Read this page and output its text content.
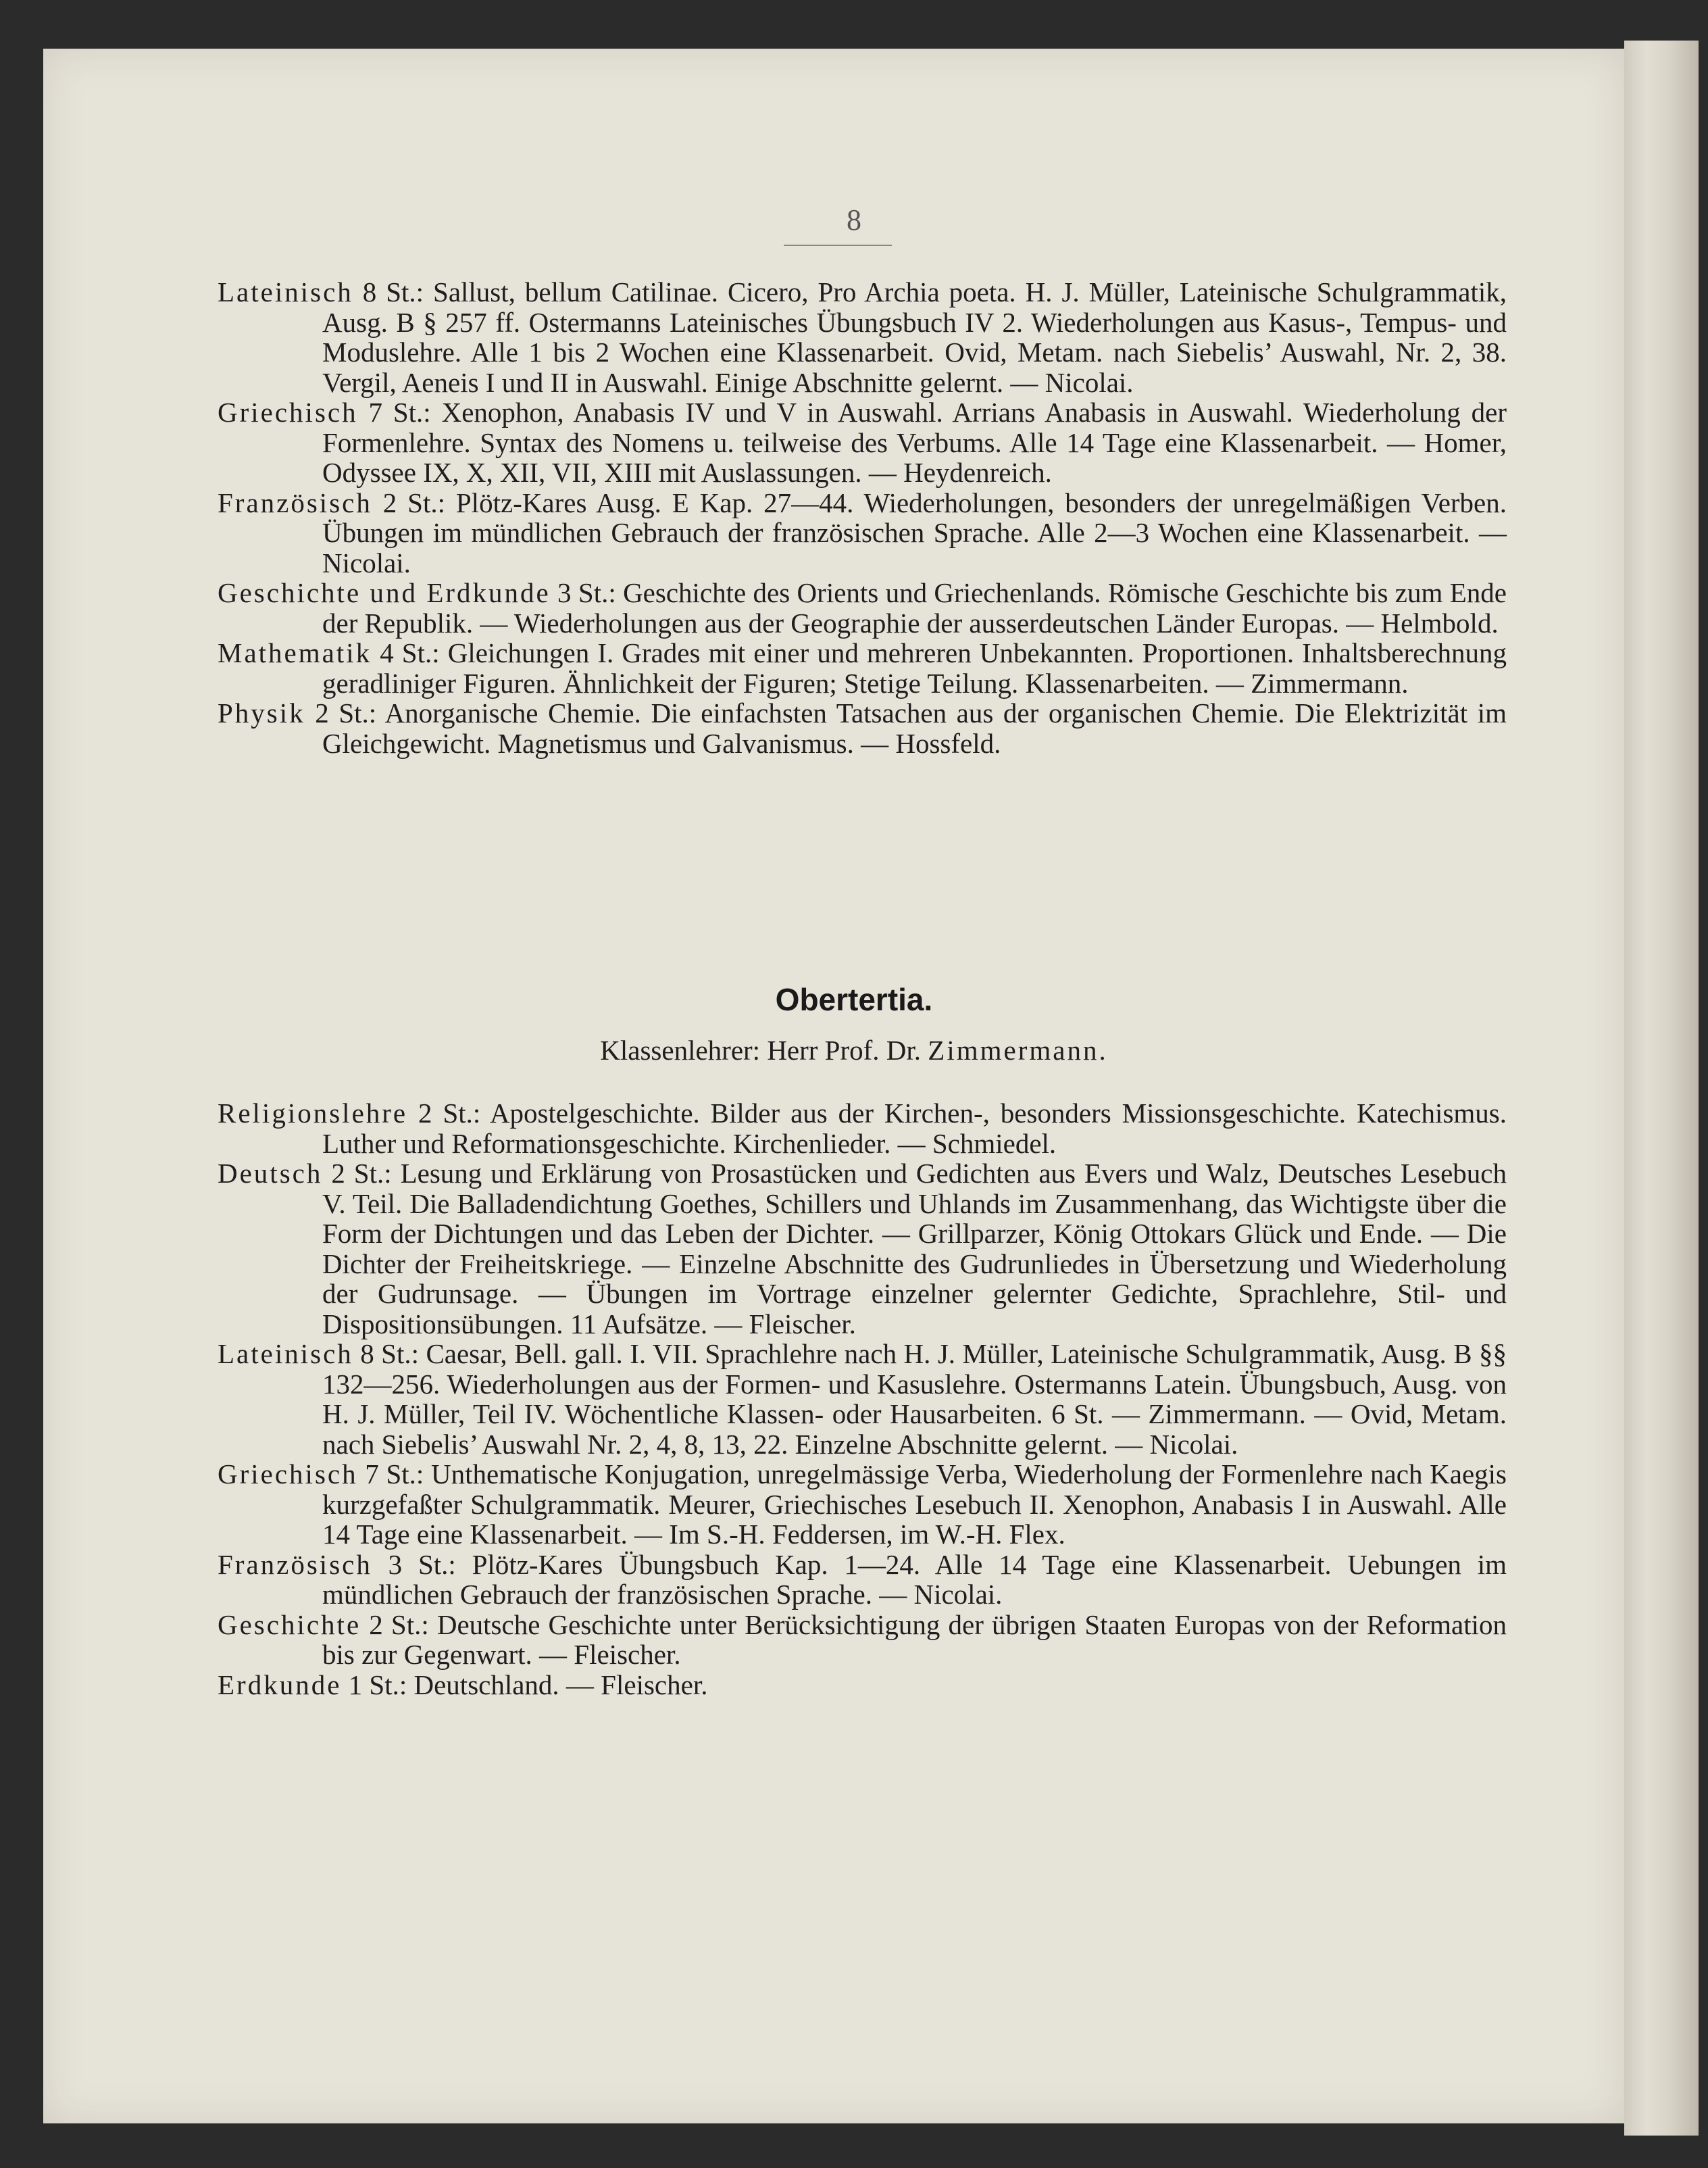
8

Lateinisch 8 St.: Sallust, bellum Catilinae. Cicero, Pro Archia poeta. H. J. Müller, Lateinische Schulgrammatik, Ausg. B § 257 ff. Ostermanns Lateinisches Übungsbuch IV 2. Wiederholungen aus Kasus-, Tempus- und Moduslehre. Alle 1 bis 2 Wochen eine Klassenarbeit. Ovid, Metam. nach Siebelis’ Auswahl, Nr. 2, 38. Vergil, Aeneis I und II in Auswahl. Einige Abschnitte gelernt. — Nicolai.

Griechisch 7 St.: Xenophon, Anabasis IV und V in Auswahl. Arrians Anabasis in Auswahl. Wiederholung der Formenlehre. Syntax des Nomens u. teilweise des Verbums. Alle 14 Tage eine Klassenarbeit. — Homer, Odyssee IX, X, XII, VII, XIII mit Auslassungen. — Heydenreich.

Französisch 2 St.: Plötz-Kares Ausg. E Kap. 27—44. Wiederholungen, besonders der unregelmäßigen Verben. Übungen im mündlichen Gebrauch der französischen Sprache. Alle 2—3 Wochen eine Klassenarbeit. — Nicolai.

Geschichte und Erdkunde 3 St.: Geschichte des Orients und Griechenlands. Römische Geschichte bis zum Ende der Republik. — Wiederholungen aus der Geographie der ausserdeutschen Länder Europas. — Helmbold.

Mathematik 4 St.: Gleichungen I. Grades mit einer und mehreren Unbekannten. Proportionen. Inhaltsberechnung geradliniger Figuren. Ähnlichkeit der Figuren; Stetige Teilung. Klassenarbeiten. — Zimmermann.

Physik 2 St.: Anorganische Chemie. Die einfachsten Tatsachen aus der organischen Chemie. Die Elektrizität im Gleichgewicht. Magnetismus und Galvanismus. — Hossfeld.

Obertertia.
Klassenlehrer: Herr Prof. Dr. Zimmermann.

Religionslehre 2 St.: Apostelgeschichte. Bilder aus der Kirchen-, besonders Missionsgeschichte. Katechismus. Luther und Reformationsgeschichte. Kirchenlieder. — Schmiedel.

Deutsch 2 St.: Lesung und Erklärung von Prosastücken und Gedichten aus Evers und Walz, Deutsches Lesebuch V. Teil. Die Balladendichtung Goethes, Schillers und Uhlands im Zusammenhang, das Wichtigste über die Form der Dichtungen und das Leben der Dichter. — Grillparzer, König Ottokars Glück und Ende. — Die Dichter der Freiheitskriege. — Einzelne Abschnitte des Gudrunliedes in Übersetzung und Wiederholung der Gudrunsage. — Übungen im Vortrage einzelner gelernter Gedichte, Sprachlehre, Stil- und Dispositionsübungen. 11 Aufsätze. — Fleischer.

Lateinisch 8 St.: Caesar, Bell. gall. I. VII. Sprachlehre nach H. J. Müller, Lateinische Schulgrammatik, Ausg. B §§ 132—256. Wiederholungen aus der Formen- und Kasuslehre. Ostermanns Latein. Übungsbuch, Ausg. von H. J. Müller, Teil IV. Wöchentliche Klassen- oder Hausarbeiten. 6 St. — Zimmermann. — Ovid, Metam. nach Siebelis’ Auswahl Nr. 2, 4, 8, 13, 22. Einzelne Abschnitte gelernt. — Nicolai.

Griechisch 7 St.: Unthematische Konjugation, unregelmässige Verba, Wiederholung der Formenlehre nach Kaegis kurzgefaßter Schulgrammatik. Meurer, Griechisches Lesebuch II. Xenophon, Anabasis I in Auswahl. Alle 14 Tage eine Klassenarbeit. — Im S.-H. Feddersen, im W.-H. Flex.

Französisch 3 St.: Plötz-Kares Übungsbuch Kap. 1—24. Alle 14 Tage eine Klassenarbeit. Uebungen im mündlichen Gebrauch der französischen Sprache. — Nicolai.

Geschichte 2 St.: Deutsche Geschichte unter Berücksichtigung der übrigen Staaten Europas von der Reformation bis zur Gegenwart. — Fleischer.

Erdkunde 1 St.: Deutschland. — Fleischer.
